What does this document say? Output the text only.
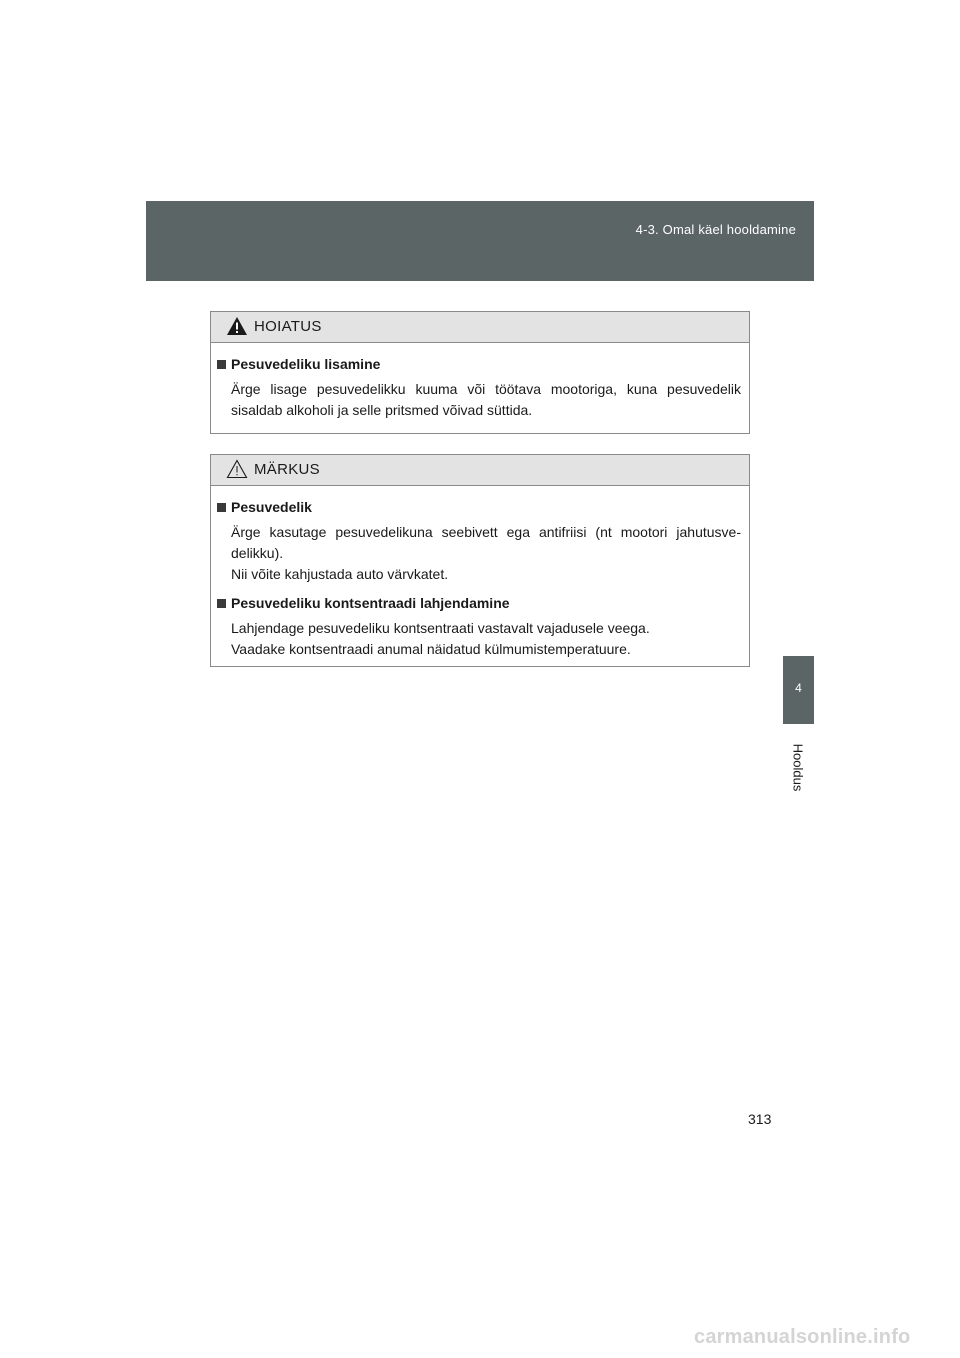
4-3. Omal käel hooldamine
4
Hooldus
HOIATUS
Pesuvedeliku lisamine

Ärge lisage pesuvedelikku kuuma või töötava mootoriga, kuna pesuvedelik sisaldab alkoholi ja selle pritsmed võivad süttida.

MÄRKUS
Pesuvedelik

Ärge kasutage pesuvedelikuna seebivett ega antifriisi (nt mootori jahutusve-delikku).

Nii võite kahjustada auto värvkatet.

Pesuvedeliku kontsentraadi lahjendamine

Lahjendage pesuvedeliku kontsentraati vastavalt vajadusele veega.

Vaadake kontsentraadi anumal näidatud külmumistemperatuure.

313
carmanualsonline.info
